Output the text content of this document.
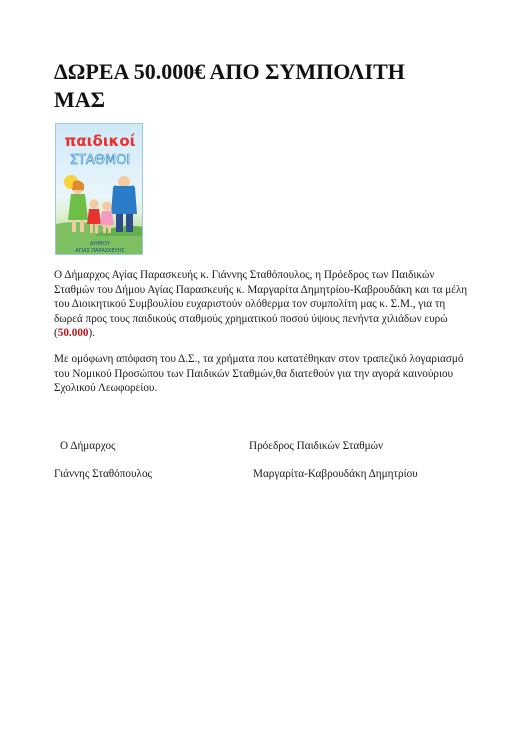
ΔΩΡΕΑ 50.000€ ΑΠΟ ΣΥΜΠΟΛΙΤΗ
ΜΑΣ
παιδικοί
ΣΤΑΘΜΟΙ
ΔΗΜΟΥ
ΑΓΙΑΣ ΠΑΡΑΣΚΕΥΗΣ

Ο Δήμαρχος Αγίας Παρασκευής κ. Γιάννης Σταθόπουλος, η Πρόεδρος των Παιδικών Σταθμών του Δήμου Αγίας Παρασκευής κ. Μαργαρίτα Δημητρίου-Καβρουδάκη και τα μέλη του Διοικητικού Συμβουλίου ευχαριστούν ολόθερμα τον συμπολίτη μας κ. Σ.Μ., για τη δωρεά προς τους παιδικούς σταθμούς χρηματικού ποσού ύψους πενήντα χιλιάδων ευρώ (50.000).

Με ομόφωνη απόφαση του Δ.Σ., τα χρήματα που κατατέθηκαν στον τραπεζικό λογαριασμό του Νομικού Προσώπου των Παιδικών Σταθμών,θα διατεθούν για την αγορά καινούριου Σχολικού Λεωφορείου.

Ο Δήμαρχος	Πρόεδρος Παιδικών Σταθμών
Γιάννης Σταθόπουλος	Μαργαρίτα-Καβρουδάκη Δημητρίου
